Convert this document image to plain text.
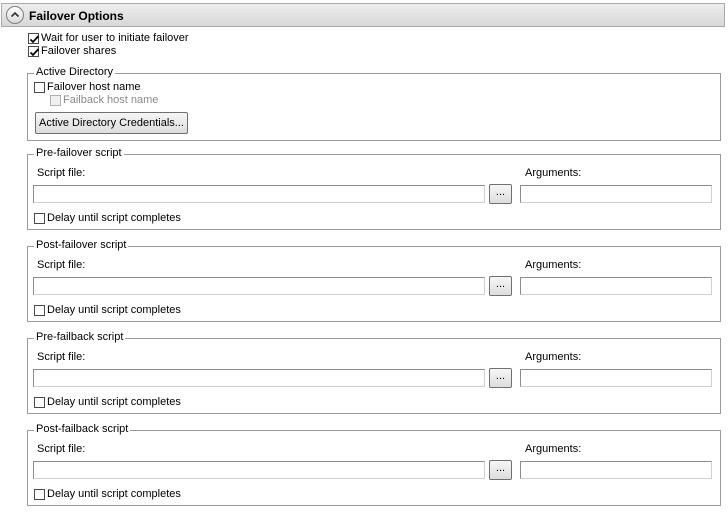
Failover Options
Wait for user to initiate failover
Failover shares
Active Directory
Failover host name
Failback host name
Active Directory Credentials...
Pre-failover script
Script file:
...
Arguments:
Delay until script completes
Post-failover script
Script file:
...
Arguments:
Delay until script completes
Pre-failback script
Script file:
...
Arguments:
Delay until script completes
Post-failback script
Script file:
...
Arguments:
Delay until script completes
